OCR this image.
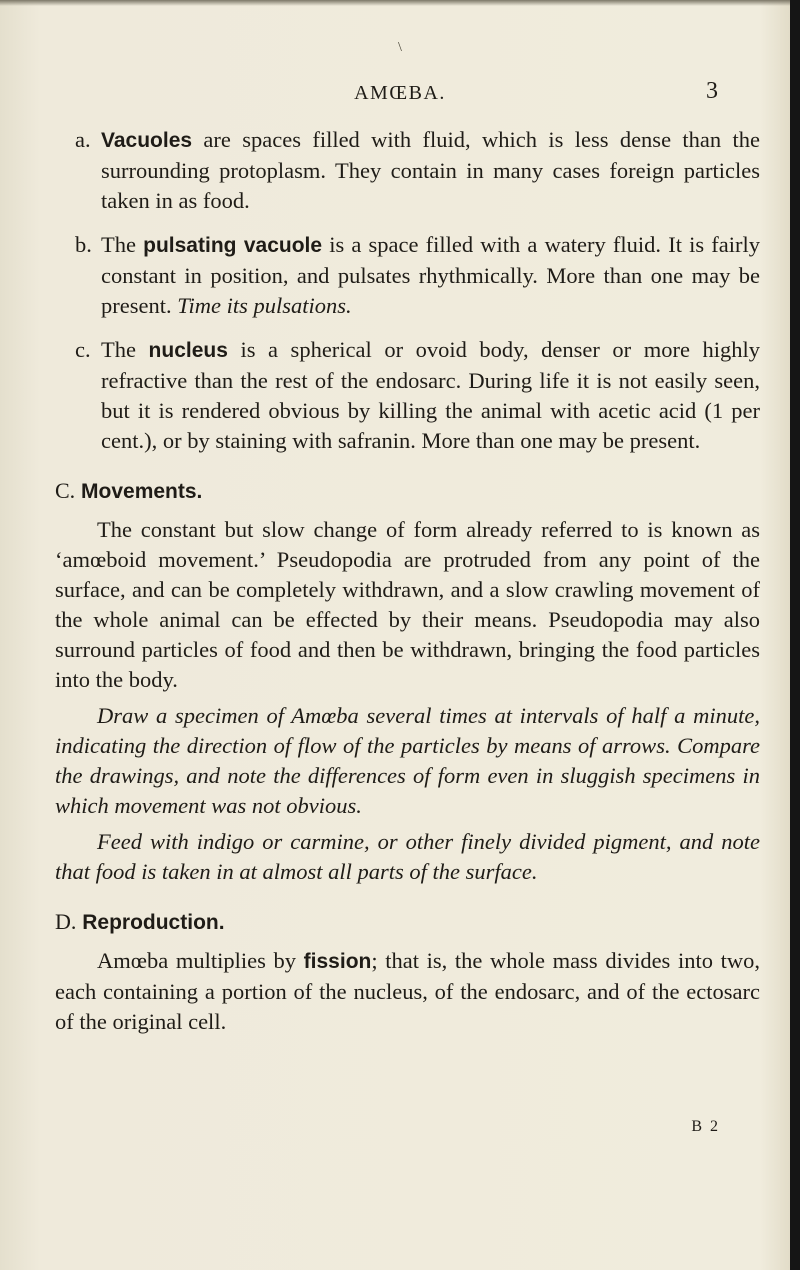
\
AMŒBA.	3
a. Vacuoles are spaces filled with fluid, which is less dense than the surrounding protoplasm. They contain in many cases foreign particles taken in as food.
b. The pulsating vacuole is a space filled with a watery fluid. It is fairly constant in position, and pulsates rhythmically. More than one may be present. Time its pulsations.
c. The nucleus is a spherical or ovoid body, denser or more highly refractive than the rest of the endosarc. During life it is not easily seen, but it is rendered obvious by killing the animal with acetic acid (1 per cent.), or by staining with safranin. More than one may be present.
C. Movements.

The constant but slow change of form already referred to is known as ‘amœboid movement.’ Pseudopodia are protruded from any point of the surface, and can be completely withdrawn, and a slow crawling movement of the whole animal can be effected by their means. Pseudopodia may also surround particles of food and then be withdrawn, bringing the food particles into the body.

Draw a specimen of Amœba several times at intervals of half a minute, indicating the direction of flow of the particles by means of arrows. Compare the drawings, and note the differences of form even in sluggish specimens in which movement was not obvious.

Feed with indigo or carmine, or other finely divided pigment, and note that food is taken in at almost all parts of the surface.

D. Reproduction.

Amœba multiplies by fission; that is, the whole mass divides into two, each containing a portion of the nucleus, of the endosarc, and of the ectosarc of the original cell.

B 2
